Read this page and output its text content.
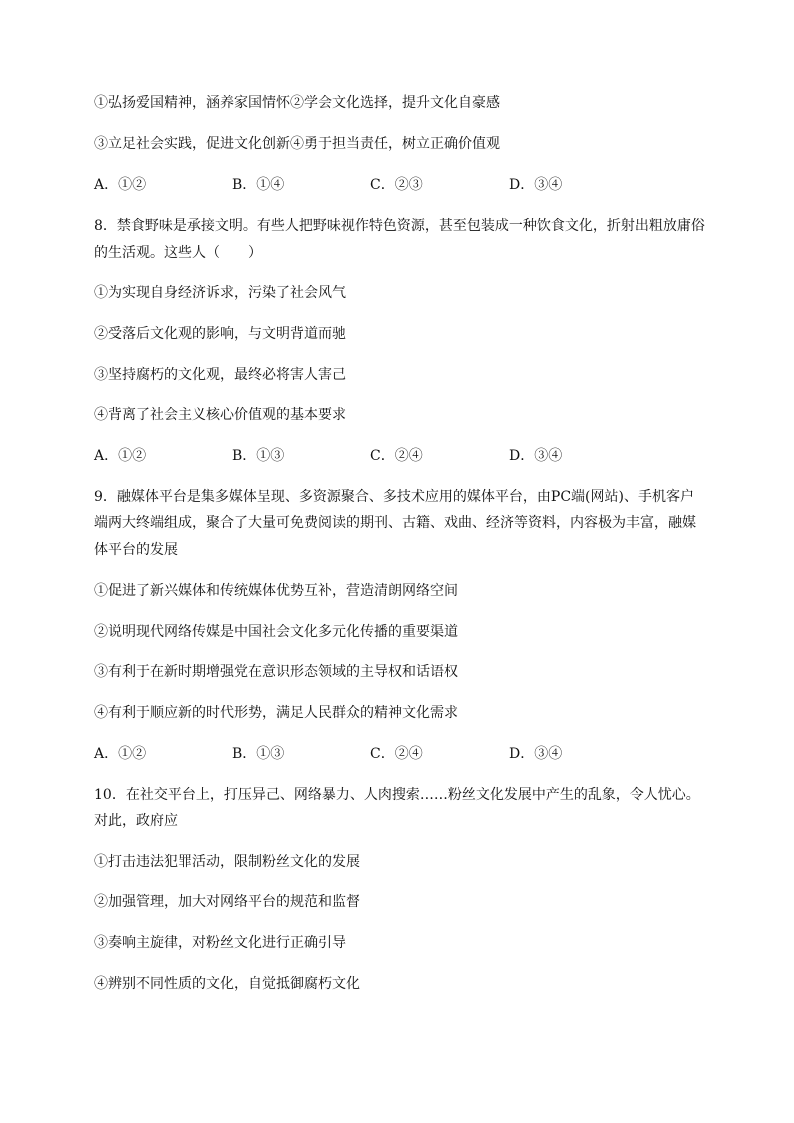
①弘扬爱国精神，涵养家国情怀②学会文化选择，提升文化自豪感
③立足社会实践，促进文化创新④勇于担当责任，树立正确价值观
A．①②	B．①④	C．②③	D．③④
8．禁食野味是承接文明。有些人把野味视作特色资源，甚至包装成一种饮食文化，折射出粗放庸俗
的生活观。这些人（　　）
①为实现自身经济诉求，污染了社会风气
②受落后文化观的影响，与文明背道而驰
③坚持腐朽的文化观，最终必将害人害己
④背离了社会主义核心价值观的基本要求
A．①②	B．①③	C．②④	D．③④
9．融媒体平台是集多媒体呈现、多资源聚合、多技术应用的媒体平台，由PC端(网站)、手机客户
端两大终端组成，聚合了大量可免费阅读的期刊、古籍、戏曲、经济等资料，内容极为丰富，融媒
体平台的发展
①促进了新兴媒体和传统媒体优势互补，营造清朗网络空间
②说明现代网络传媒是中国社会文化多元化传播的重要渠道
③有利于在新时期增强党在意识形态领域的主导权和话语权
④有利于顺应新的时代形势，满足人民群众的精神文化需求
A．①②	B．①③	C．②④	D．③④
10．在社交平台上，打压异己、网络暴力、人肉搜索……粉丝文化发展中产生的乱象，令人忧心。
对此，政府应
①打击违法犯罪活动，限制粉丝文化的发展
②加强管理，加大对网络平台的规范和监督
③奏响主旋律，对粉丝文化进行正确引导
④辨别不同性质的文化，自觉抵御腐朽文化
